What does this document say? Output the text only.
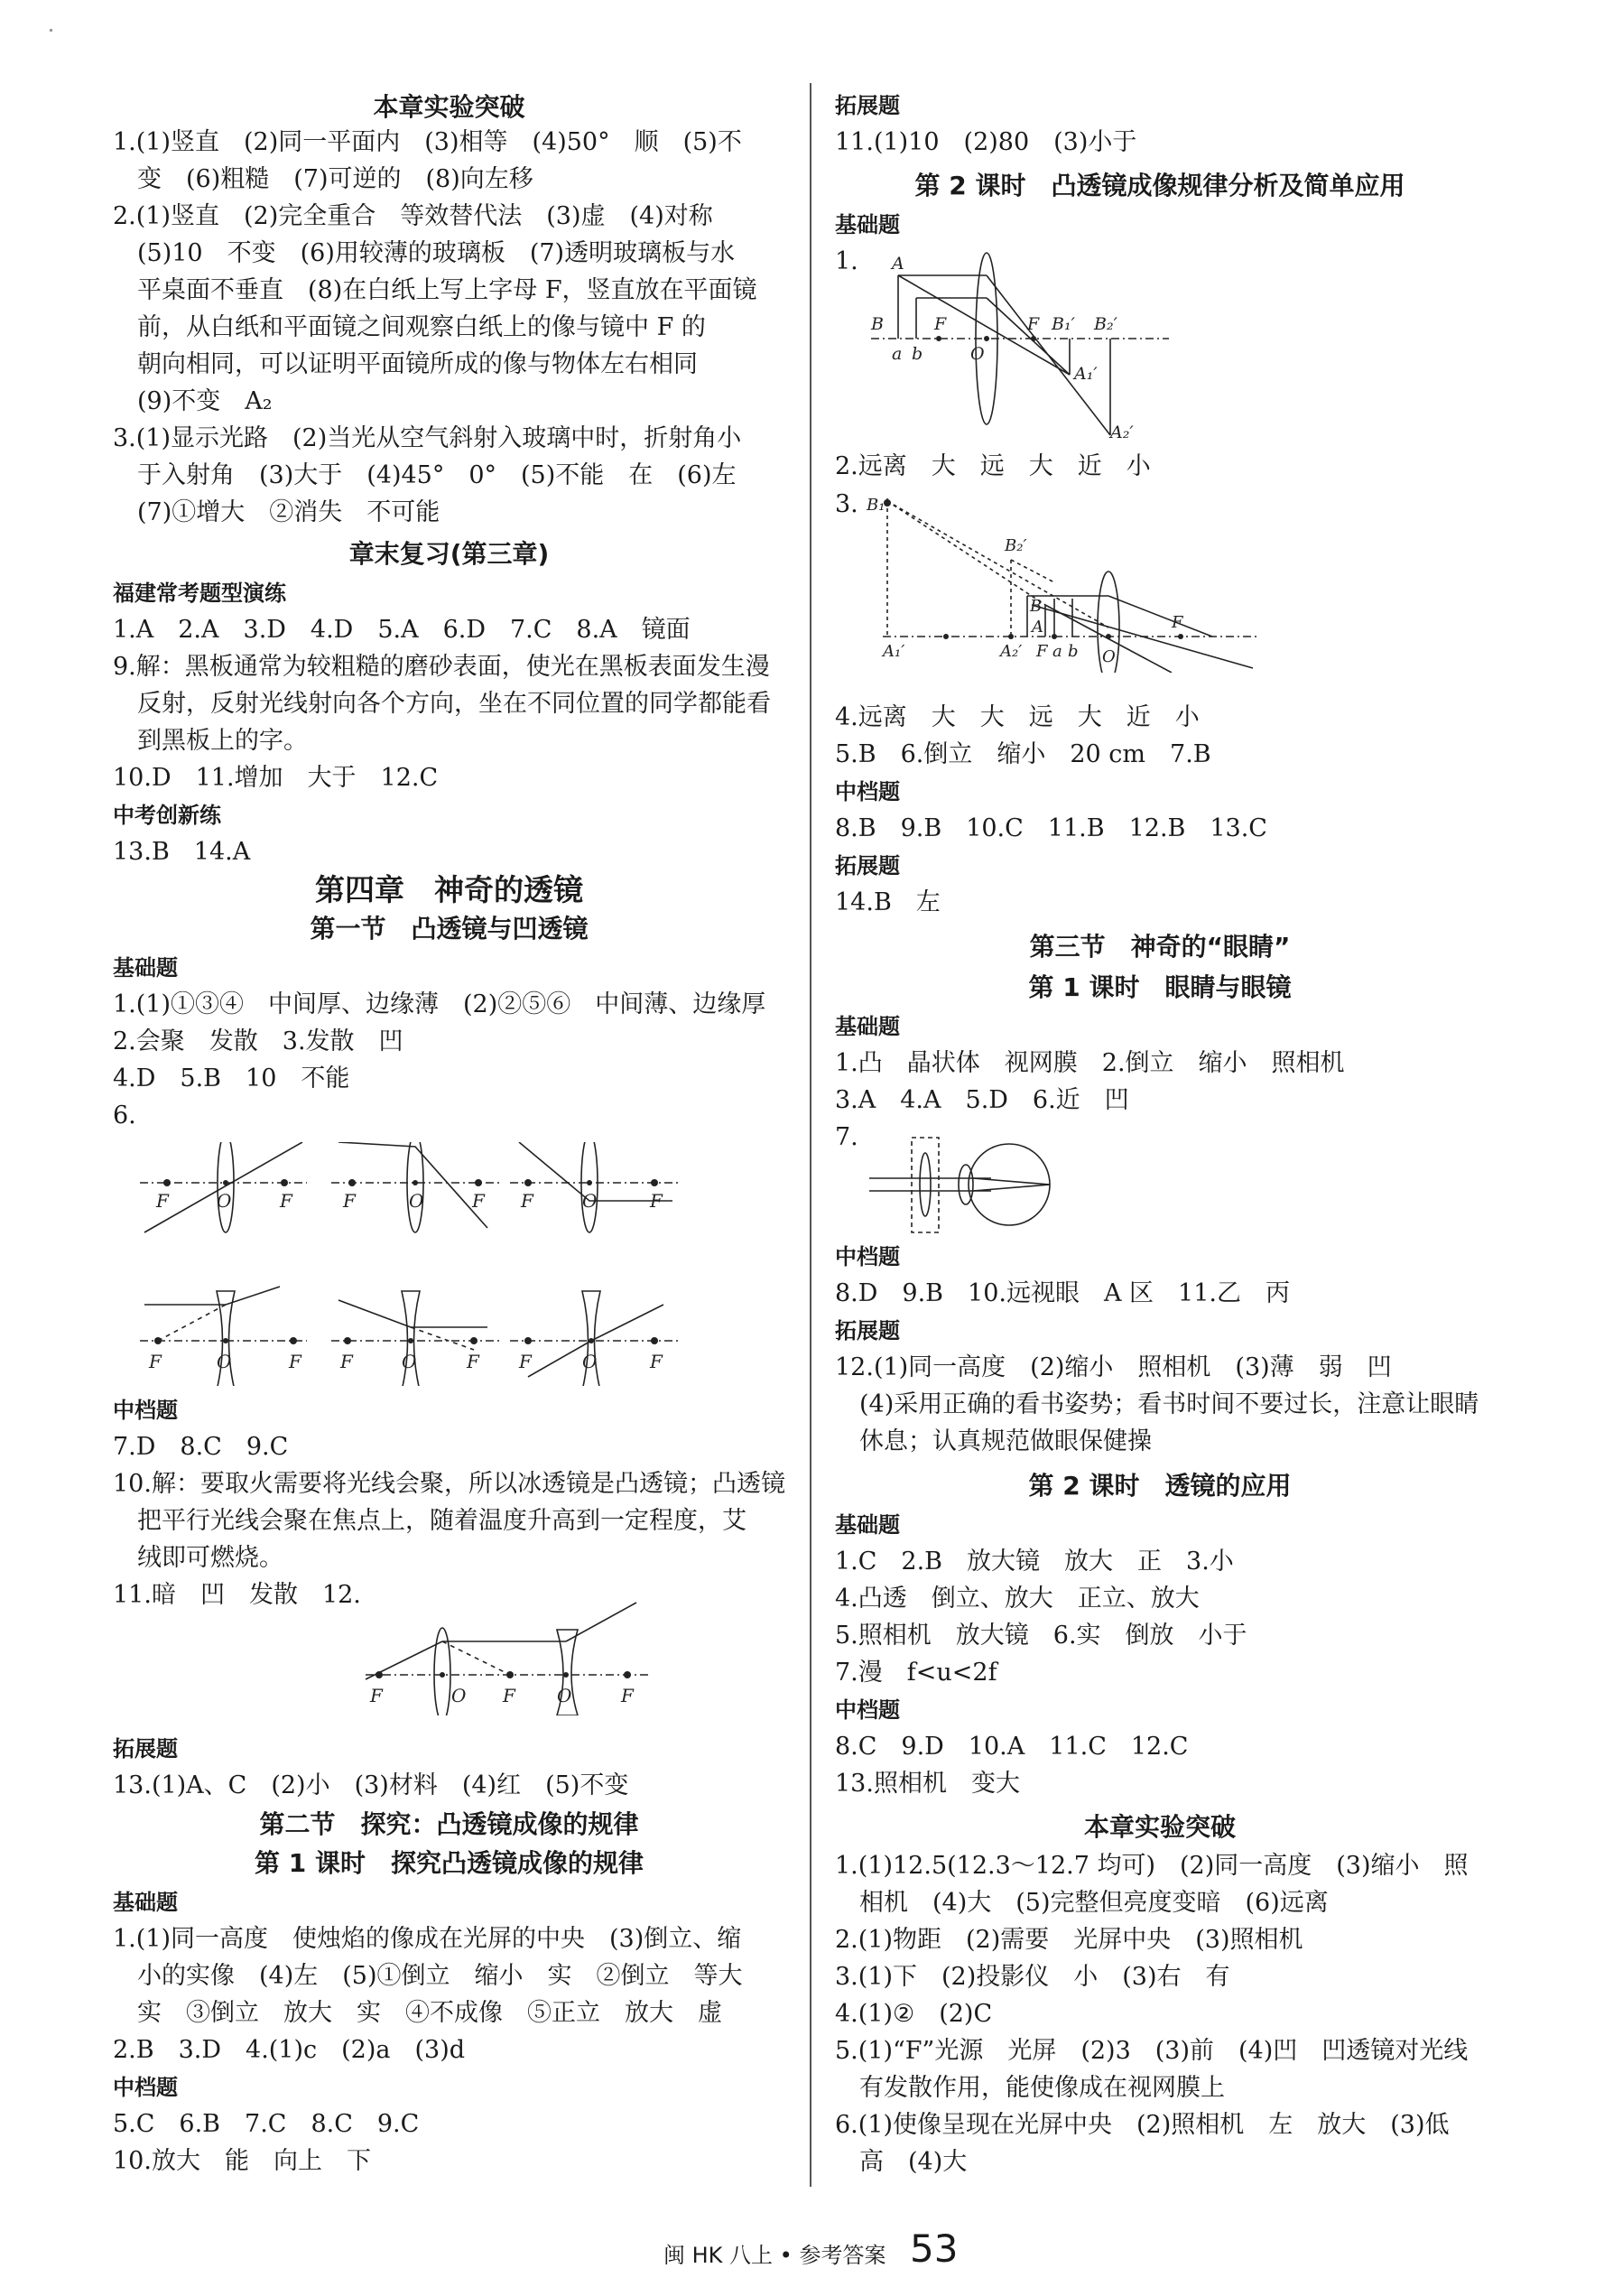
本章实验突破
1.(1)竖直　(2)同一平面内　(3)相等　(4)50°　顺　(5)不
　变　(6)粗糙　(7)可逆的　(8)向左移
2.(1)竖直　(2)完全重合　等效替代法　(3)虚　(4)对称
　(5)10　不变　(6)用较薄的玻璃板　(7)透明玻璃板与水
　平桌面不垂直　(8)在白纸上写上字母 F，竖直放在平面镜
　前，从白纸和平面镜之间观察白纸上的像与镜中 F 的
　朝向相同，可以证明平面镜所成的像与物体左右相同
　(9)不变　A₂
3.(1)显示光路　(2)当光从空气斜射入玻璃中时，折射角小
　于入射角　(3)大于　(4)45°　0°　(5)不能　在　(6)左
　(7)①增大　②消失　不可能
章末复习(第三章)
福建常考题型演练
1.A　2.A　3.D　4.D　5.A　6.D　7.C　8.A　镜面
9.解：黑板通常为较粗糙的磨砂表面，使光在黑板表面发生漫
　反射，反射光线射向各个方向，坐在不同位置的同学都能看
　到黑板上的字。
10.D　11.增加　大于　12.C
中考创新练
13.B　14.A
第四章　神奇的透镜
第一节　凸透镜与凹透镜
基础题
1.(1)①③④　中间厚、边缘薄　(2)②⑤⑥　中间薄、边缘厚
2.会聚　发散　3.发散　凹
4.D　5.B　10　不能
6.
中档题
7.D　8.C　9.C
10.解：要取火需要将光线会聚，所以冰透镜是凸透镜；凸透镜
　把平行光线会聚在焦点上，随着温度升高到一定程度，艾
　绒即可燃烧。
11.暗　凹　发散　12.
拓展题
13.(1)A、C　(2)小　(3)材料　(4)红　(5)不变
第二节　探究：凸透镜成像的规律
第 1 课时　探究凸透镜成像的规律
基础题
1.(1)同一高度　使烛焰的像成在光屏的中央　(3)倒立、缩
　小的实像　(4)左　(5)①倒立　缩小　实　②倒立　等大
　实　③倒立　放大　实　④不成像　⑤正立　放大　虚
2.B　3.D　4.(1)c　(2)a　(3)d
中档题
5.C　6.B　7.C　8.C　9.C
10.放大　能　向上　下
拓展题
11.(1)10　(2)80　(3)小于
第 2 课时　凸透镜成像规律分析及简单应用
基础题
1.
2.远离　大　远　大　近　小
3.
4.远离　大　大　远　大　近　小
5.B　6.倒立　缩小　20 cm　7.B
中档题
8.B　9.B　10.C　11.B　12.B　13.C
拓展题
14.B　左
第三节　神奇的“眼睛”
第 1 课时　眼睛与眼镜
基础题
1.凸　晶状体　视网膜　2.倒立　缩小　照相机
3.A　4.A　5.D　6.近　凹
7.
中档题
8.D　9.B　10.远视眼　A 区　11.乙　丙
拓展题
12.(1)同一高度　(2)缩小　照相机　(3)薄　弱　凹
　(4)采用正确的看书姿势；看书时间不要过长，注意让眼睛
　休息；认真规范做眼保健操
第 2 课时　透镜的应用
基础题
1.C　2.B　放大镜　放大　正　3.小
4.凸透　倒立、放大　正立、放大
5.照相机　放大镜　6.实　倒放　小于
7.漫　f<u<2f
中档题
8.C　9.D　10.A　11.C　12.C
13.照相机　变大
本章实验突破
1.(1)12.5(12.3～12.7 均可)　(2)同一高度　(3)缩小　照
　相机　(4)大　(5)完整但亮度变暗　(6)远离
2.(1)物距　(2)需要　光屏中央　(3)照相机
3.(1)下　(2)投影仪　小　(3)右　有
4.(1)②　(2)C
5.(1)“F”光源　光屏　(2)3　(3)前　(4)凹　凹透镜对光线
　有发散作用，能使像成在视网膜上
6.(1)使像呈现在光屏中央　(2)照相机　左　放大　(3)低
　高　(4)大
F	O	F	F	O	F F	O	F
F	O	F F	O	F F	O	F
F	O F O	F
A
B
a b
F	F B₁′ B₂′
O
A₁′
A₂′
B₁′
B₂′
B
A
F
A₁′	A₂′
F
a b O
闽 HK 八上 • 参考答案 53
